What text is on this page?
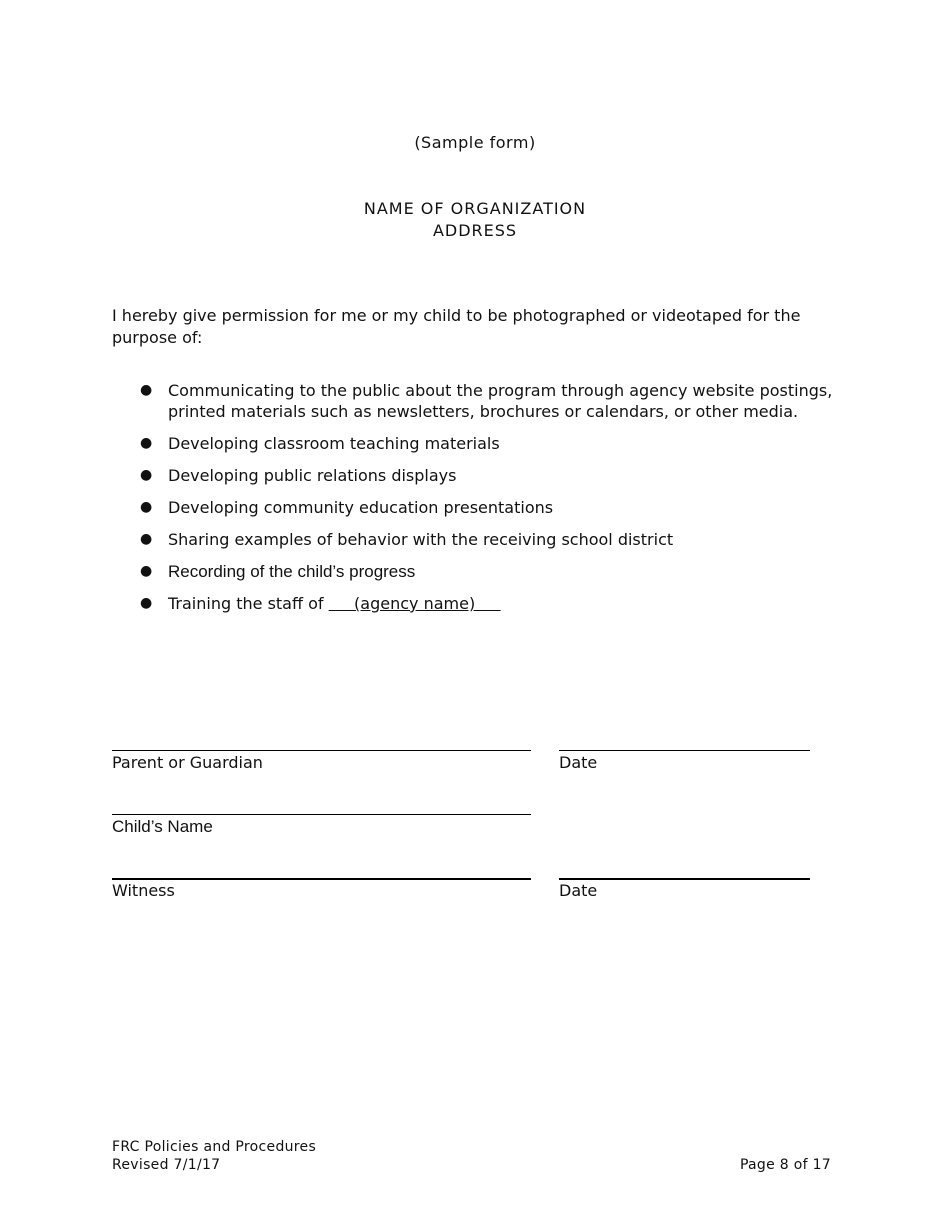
(Sample form)
NAME OF ORGANIZATION
ADDRESS
I hereby give permission for me or my child to be photographed or videotaped for the purpose of:
● Communicating to the public about the program through agency website postings, printed materials such as newsletters, brochures or calendars, or other media.
● Developing classroom teaching materials
● Developing public relations displays
● Developing community education presentations
● Sharing examples of behavior with the receiving school district
● Recording of the child’s progress
● Training the staff of      (agency name)
Parent or Guardian	Date
Child’s Name
Witness	Date
FRC Policies and Procedures
Revised 7/1/17	Page 8 of 17
